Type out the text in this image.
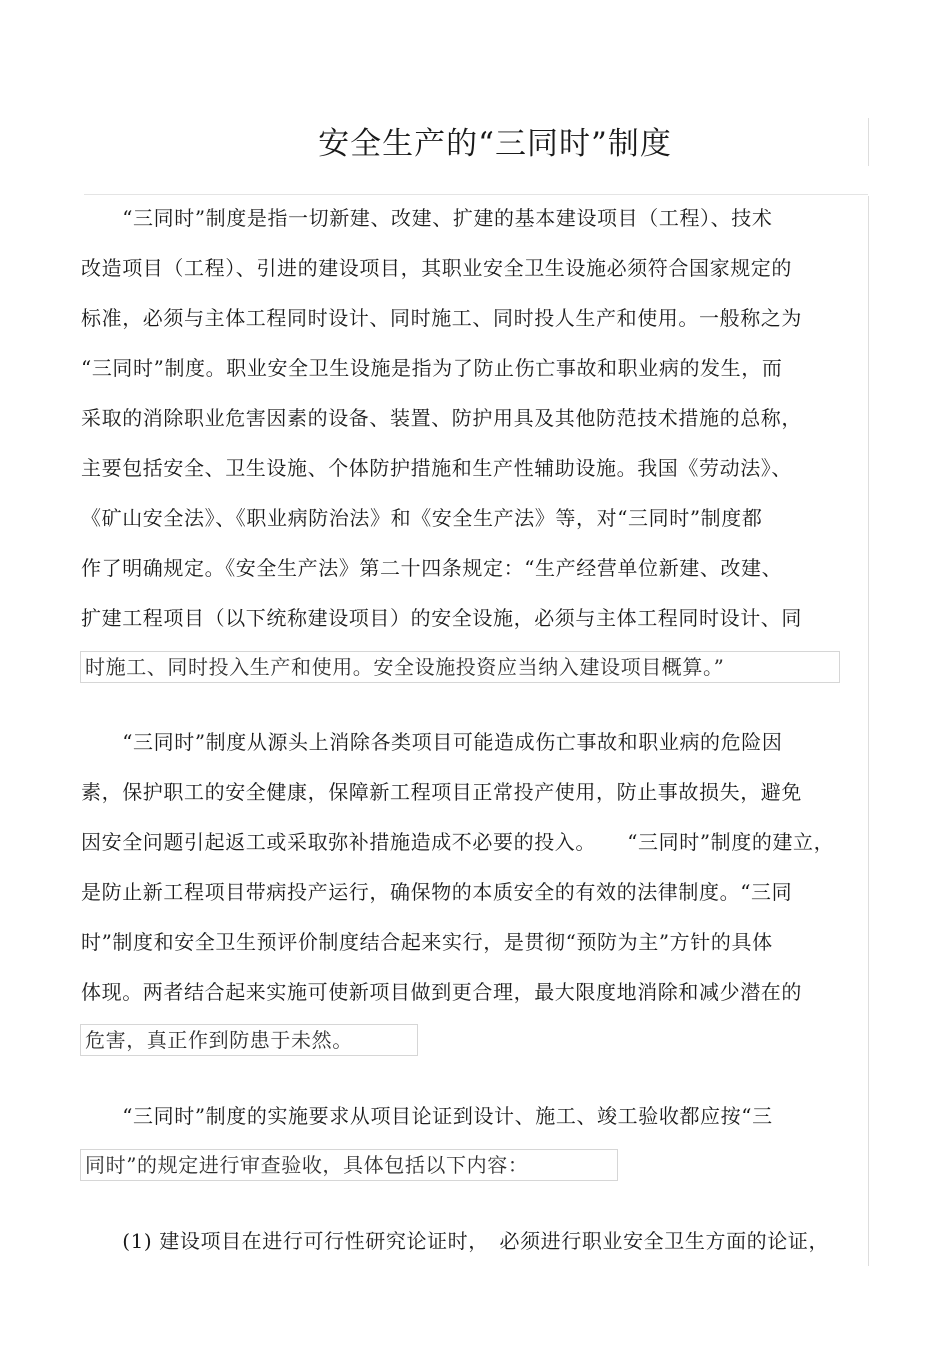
安全生产的“三同时”制度
　　“三同时”制度是指一切新建、改建、扩建的基本建设项目（工程）、技术
改造项目（工程）、引进的建设项目，其职业安全卫生设施必须符合国家规定的
标准，必须与主体工程同时设计、同时施工、同时投人生产和使用。一般称之为
“三同时”制度。职业安全卫生设施是指为了防止伤亡事故和职业病的发生，而
采取的消除职业危害因素的设备、装置、防护用具及其他防范技术措施的总称，
主要包括安全、卫生设施、个体防护措施和生产性辅助设施。我国《劳动法》、
《矿山安全法》、《职业病防治法》和《安全生产法》等，对“三同时”制度都
作了明确规定。《安全生产法》第二十四条规定：“生产经营单位新建、改建、
扩建工程项目（以下统称建设项目）的安全设施，必须与主体工程同时设计、同
时施工、同时投入生产和使用。安全设施投资应当纳入建设项目概算。”
　　“三同时”制度从源头上消除各类项目可能造成伤亡事故和职业病的危险因
素，保护职工的安全健康，保障新工程项目正常投产使用，防止事故损失，避免
因安全问题引起返工或采取弥补措施造成不必要的投入。　　“三同时”制度的建立，
是防止新工程项目带病投产运行，确保物的本质安全的有效的法律制度。“三同
时”制度和安全卫生预评价制度结合起来实行，是贯彻“预防为主”方针的具体
体现。两者结合起来实施可使新项目做到更合理，最大限度地消除和减少潜在的
危害，真正作到防患于未然。
　　“三同时”制度的实施要求从项目论证到设计、施工、竣工验收都应按“三
同时”的规定进行审查验收，具体包括以下内容：
　　(1) 建设项目在进行可行性研究论证时，　必须进行职业安全卫生方面的论证，
